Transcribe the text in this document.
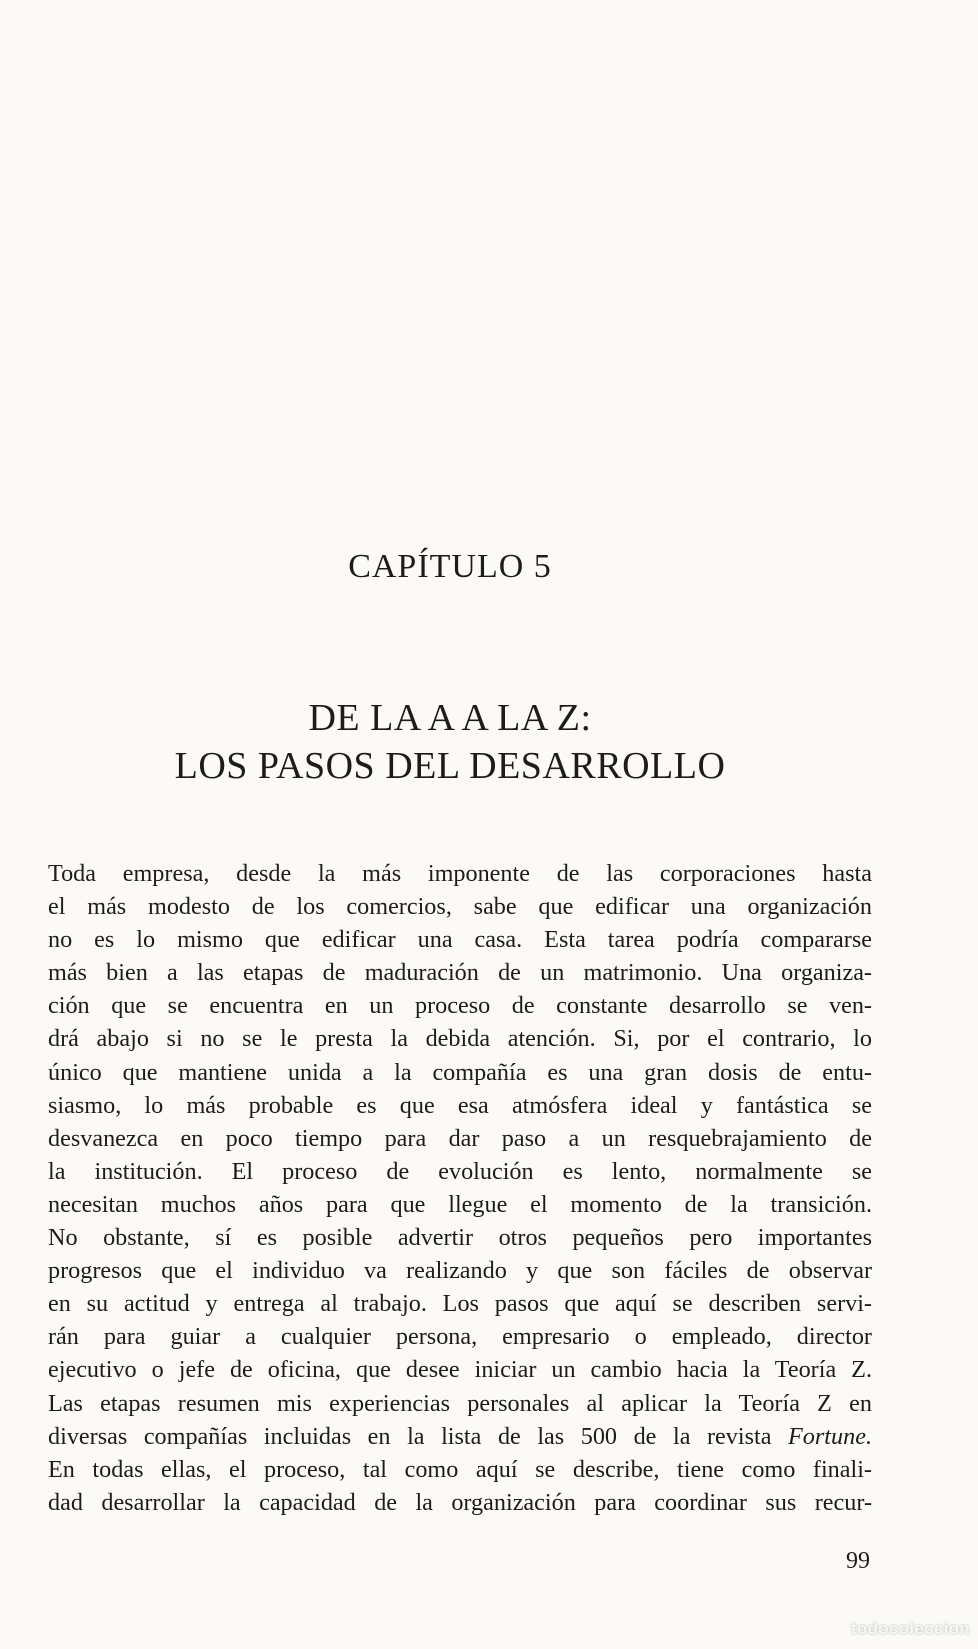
CAPÍTULO 5
DE LA A A LA Z:
LOS PASOS DEL DESARROLLO
Toda empresa, desde la más imponente de las corporaciones hasta
el más modesto de los comercios, sabe que edificar una organización
no es lo mismo que edificar una casa. Esta tarea podría compararse
más bien a las etapas de maduración de un matrimonio. Una organiza-
ción que se encuentra en un proceso de constante desarrollo se ven-
drá abajo si no se le presta la debida atención. Si, por el contrario, lo
único que mantiene unida a la compañía es una gran dosis de entu-
siasmo, lo más probable es que esa atmósfera ideal y fantástica se
desvanezca en poco tiempo para dar paso a un resquebrajamiento de
la institución. El proceso de evolución es lento, normalmente se
necesitan muchos años para que llegue el momento de la transición.
No obstante, sí es posible advertir otros pequeños pero importantes
progresos que el individuo va realizando y que son fáciles de observar
en su actitud y entrega al trabajo. Los pasos que aquí se describen servi-
rán para guiar a cualquier persona, empresario o empleado, director
ejecutivo o jefe de oficina, que desee iniciar un cambio hacia la Teoría Z.
Las etapas resumen mis experiencias personales al aplicar la Teoría Z en
diversas compañías incluidas en la lista de las 500 de la revista Fortune.
En todas ellas, el proceso, tal como aquí se describe, tiene como finali-
dad desarrollar la capacidad de la organización para coordinar sus recur-
99
todocoleccion
